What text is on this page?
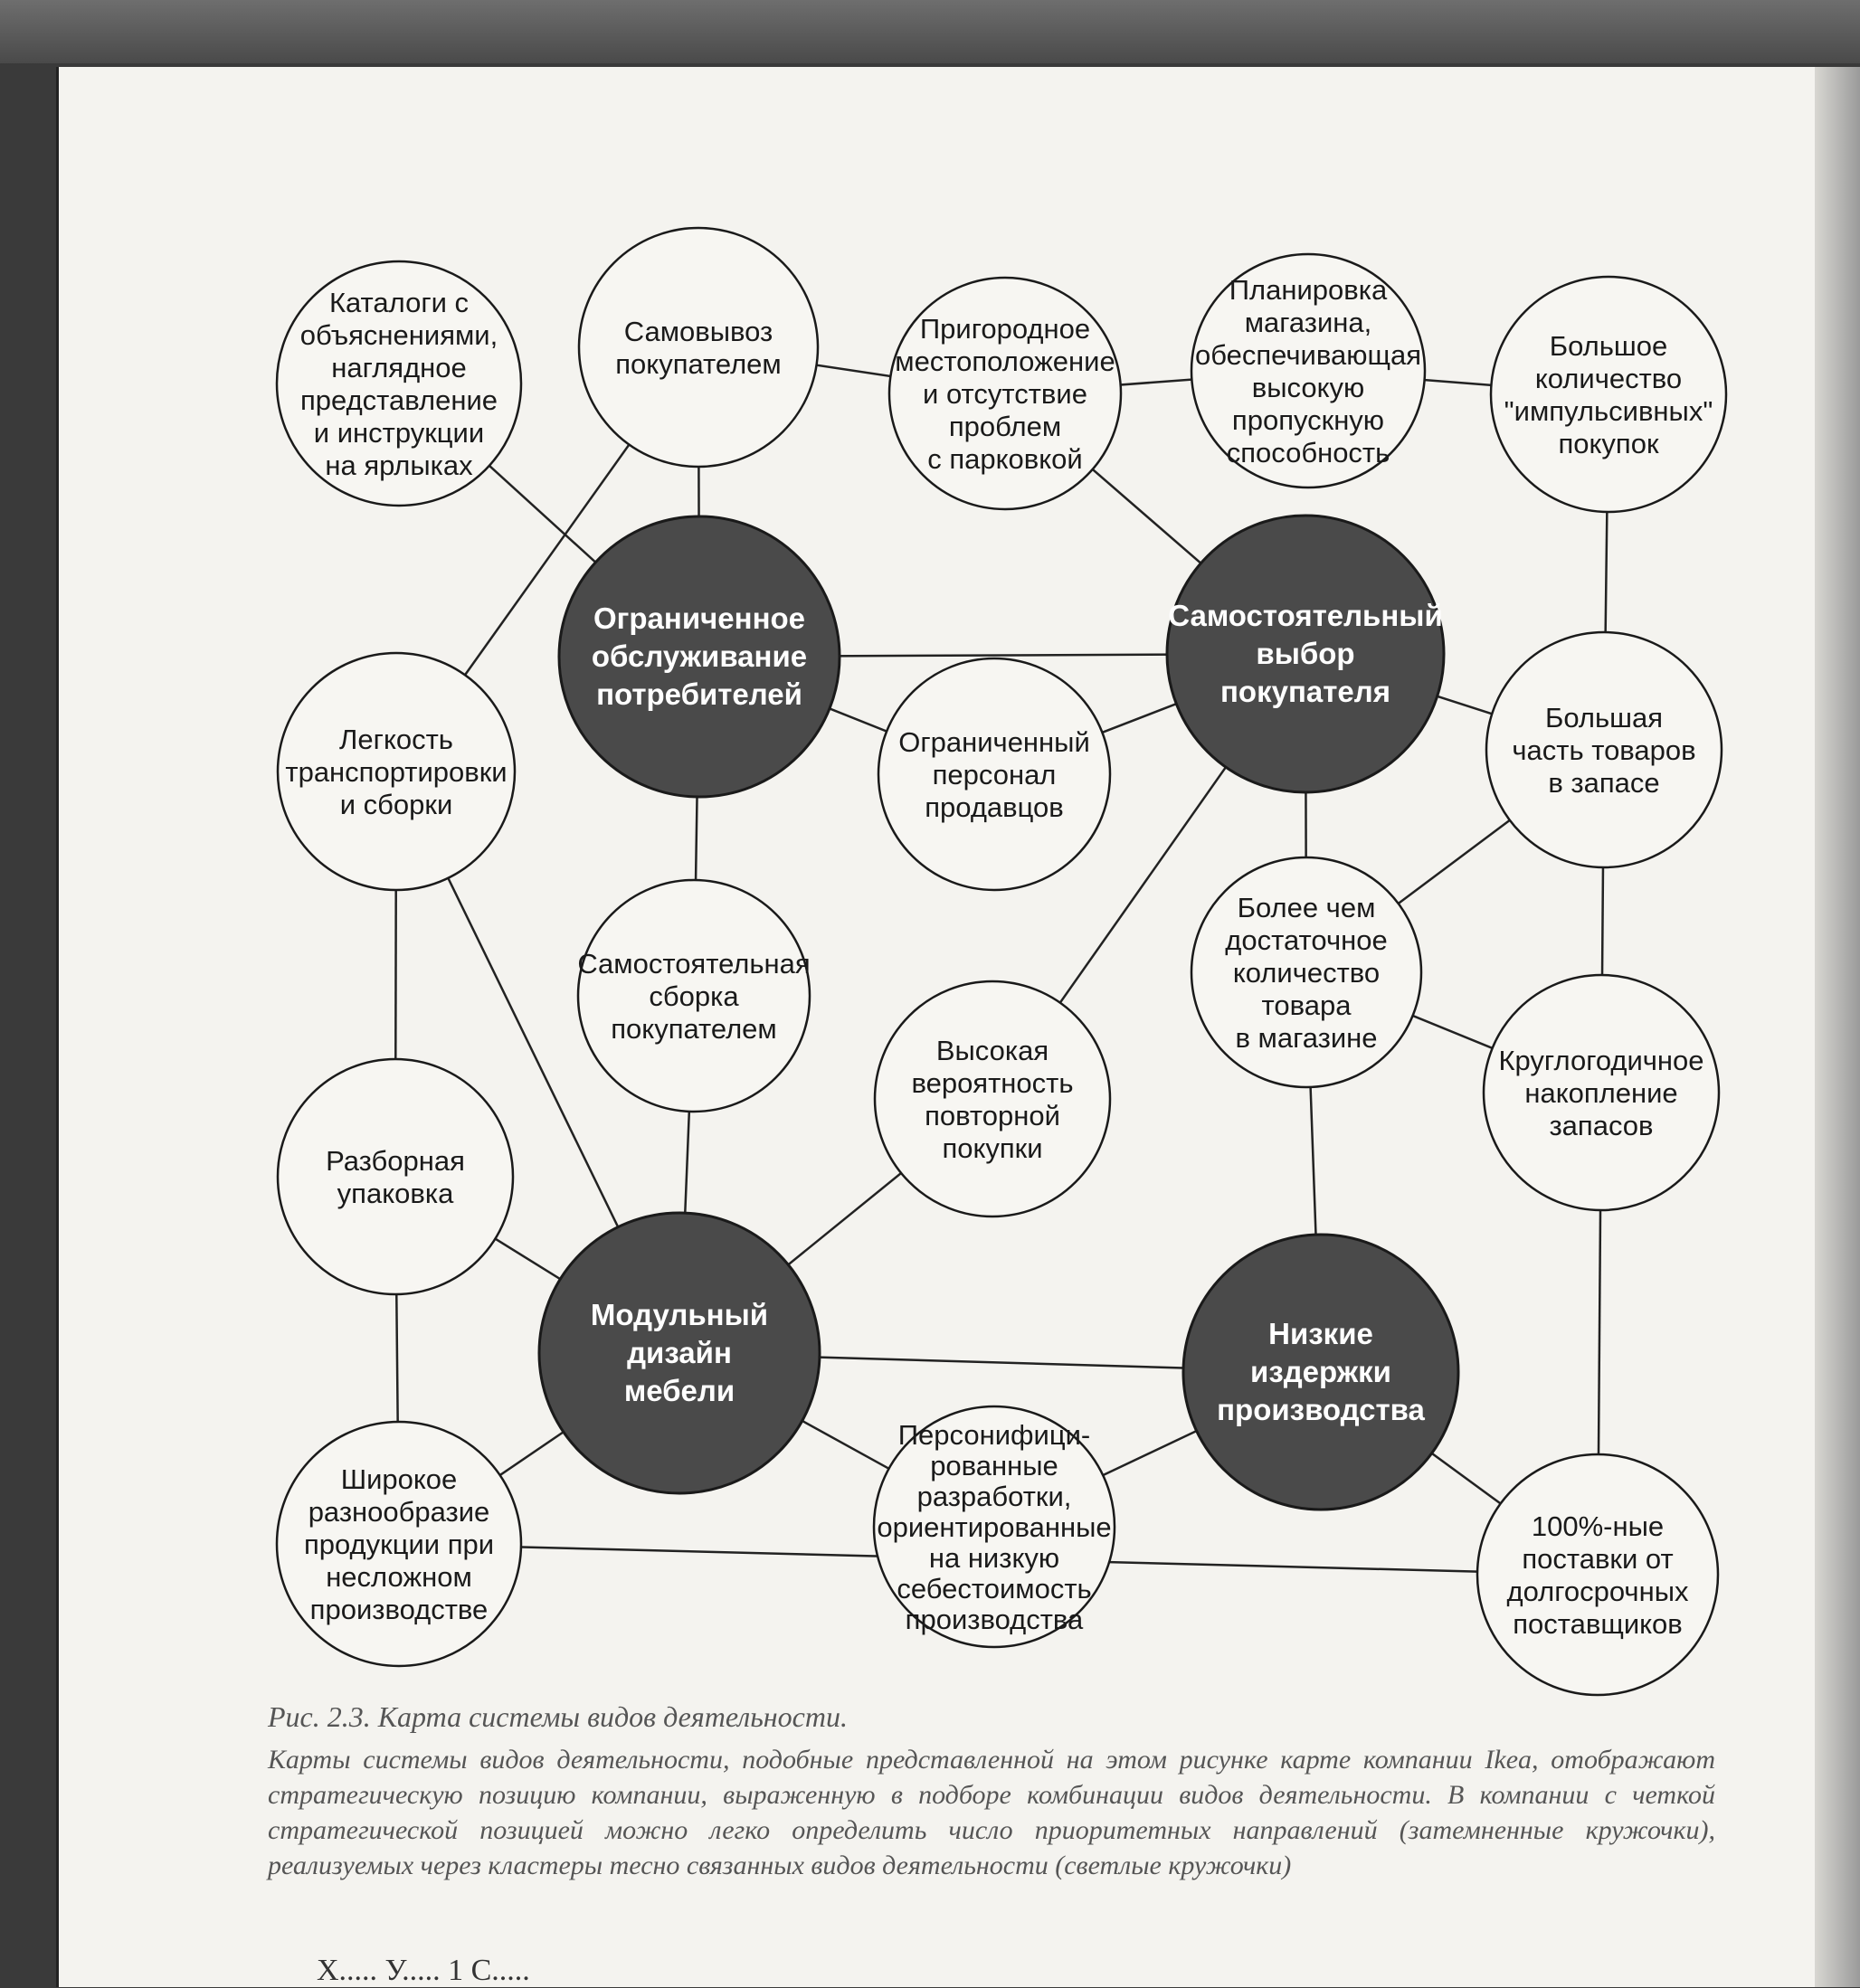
Каталоги с
объяснениями,
наглядное
представление
и инструкции
на ярлыках
Самовывоз
покупателем
Пригородное
местоположение
и отсутствие
проблем
с парковкой
Планировка
магазина,
обеспечивающая
высокую
пропускную
способность
Большое
количество
"импульсивных"
покупок
Легкость
транспортировки
и сборки
Ограниченный
персонал
продавцов
Большая
часть товаров
в запасе
Более чем
достаточное
количество
товара
в магазине
Самостоятельная
сборка
покупателем
Высокая
вероятность
повторной
покупки
Круглогодичное
накопление
запасов
Разборная
упаковка
Широкое
разнообразие
продукции при
несложном
производстве
Персонифици-
рованные
разработки,
ориентированные
на низкую
себестоимость
производства
100%-ные
поставки от
долгосрочных
поставщиков
Ограниченное
обслуживание
потребителей
Самостоятельный
выбор
покупателя
Модульный
дизайн
мебели
Низкие
издержки
производства
Рис. 2.3. Карта системы видов деятельности.
Карты системы видов деятельности, подобные представленной на этом рисунке карте компании Ikea, отображают стратегическую позицию компании, выраженную в подборе комбинации видов деятельности. В компании с четкой стратегической позицией можно легко определить число приоритетных направлений (затемненные кружочки), реализуемых через кластеры тесно связанных видов деятельности (светлые кружочки)
Х..... У..... 1 С.....
